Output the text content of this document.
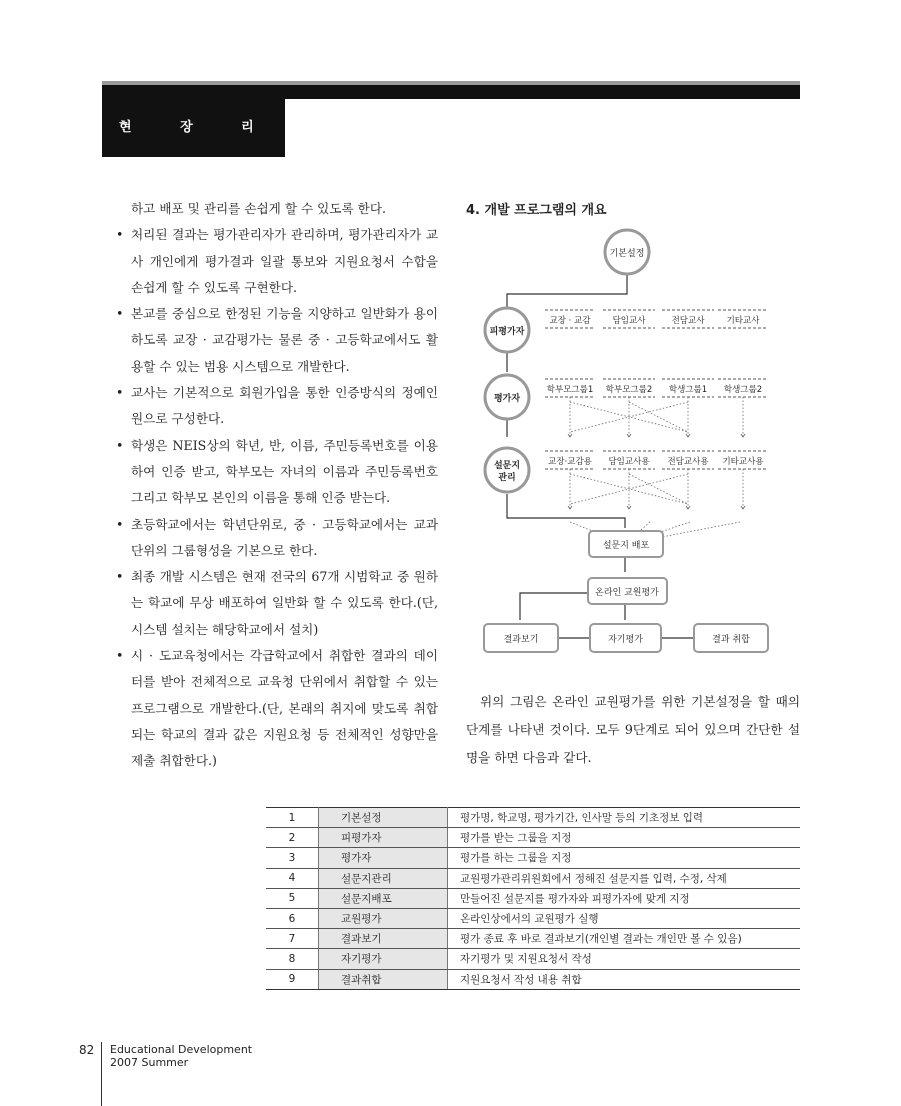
현 장 리 포 트

하고 배포 및 관리를 손쉽게 할 수 있도록 한다.

• 처리된 결과는 평가관리자가 관리하며, 평가관리자가 교사 개인에게 평가결과 일괄 통보와 지원요청서 수합을 손쉽게 할 수 있도록 구현한다.
• 본교를 중심으로 한정된 기능을 지양하고 일반화가 용이하도록 교장 · 교감평가는 물론 중 · 고등학교에서도 활용할 수 있는 범용 시스템으로 개발한다.
• 교사는 기본적으로 회원가입을 통한 인증방식의 정예인원으로 구성한다.
• 학생은 NEIS상의 학년, 반, 이름, 주민등록번호를 이용하여 인증 받고, 학부모는 자녀의 이름과 주민등록번호 그리고 학부모 본인의 이름을 통해 인증 받는다.
• 초등학교에서는 학년단위로, 중 · 고등학교에서는 교과단위의 그룹형성을 기본으로 한다.
• 최종 개발 시스템은 현재 전국의 67개 시범학교 중 원하는 학교에 무상 배포하여 일반화 할 수 있도록 한다.(단, 시스템 설치는 해당학교에서 설치)
• 시 · 도교육청에서는 각급학교에서 취합한 결과의 데이터를 받아 전체적으로 교육청 단위에서 취합할 수 있는 프로그램으로 개발한다.(단, 본래의 취지에 맞도록 취합되는 학교의 결과 값은 지원요청 등 전체적인 성향만을 제출 취합한다.)
4. 개발 프로그램의 개요
교장 · 교감	담임교사	전담교사	기타교사
학부모그룹1 학부모그룹2 학생그룹1 학생그룹2
교장·교감용 담임교사용 전담교사용 기타교사용
기본설정
피평가자
평가자
설문지
관리
설문지 배포
온라인 교원평가
결과보기	자기평가	결과 취합

위의 그림은 온라인 교원평가를 위한 기본설정을 할 때의 단계를 나타낸 것이다. 모두 9단계로 되어 있으며 간단한 설명을 하면 다음과 같다.

1	기본설정	평가명, 학교명, 평가기간, 인사말 등의 기초정보 입력
2	피평가자	평가를 받는 그룹을 지정
3	평가자	평가를 하는 그룹을 지정
4	설문지관리	교원평가관리위원회에서 정해진 설문지를 입력, 수정, 삭제
5	설문지배포	만들어진 설문지를 평가자와 피평가자에 맞게 지정
6	교원평가	온라인상에서의 교원평가 실행
7	결과보기	평가 종료 후 바로 결과보기(개인별 결과는 개인만 볼 수 있음)
8	자기평가	자기평가 및 지원요청서 작성
9	결과취합	지원요청서 작성 내용 취합
82 Educational Development
2007 Summer
